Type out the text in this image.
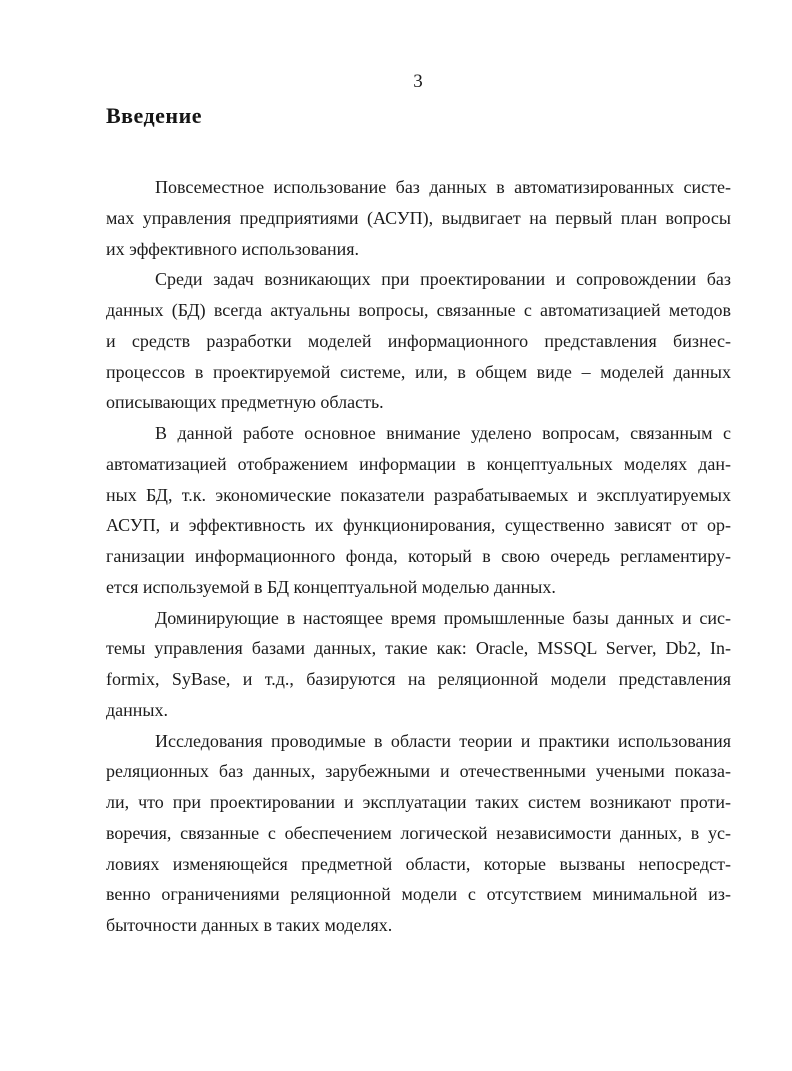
3
Введение
Повсеместное использование баз данных в автоматизированных систе-
мах управления предприятиями (АСУП), выдвигает на первый план вопросы
их эффективного использования.
Среди задач возникающих при проектировании и сопровождении баз
данных (БД) всегда актуальны вопросы, связанные с автоматизацией методов
и средств разработки моделей информационного представления бизнес-
процессов в проектируемой системе, или, в общем виде – моделей данных
описывающих предметную область.
В данной работе основное внимание уделено вопросам, связанным с
автоматизацией отображением информации в концептуальных моделях дан-
ных БД, т.к. экономические показатели разрабатываемых и эксплуатируемых
АСУП, и эффективность их функционирования, существенно зависят от ор-
ганизации информационного фонда, который в свою очередь регламентиру-
ется используемой в БД концептуальной моделью данных.
Доминирующие в настоящее время промышленные базы данных и сис-
темы управления базами данных, такие как: Oracle, MSSQL Server, Db2, In-
formix, SyBase, и т.д., базируются на реляционной модели представления
данных.
Исследования проводимые в области теории и практики использования
реляционных баз данных, зарубежными и отечественными учеными показа-
ли, что при проектировании и эксплуатации таких систем возникают проти-
воречия, связанные с обеспечением логической независимости данных, в ус-
ловиях изменяющейся предметной области, которые вызваны непосредст-
венно ограничениями реляционной модели с отсутствием минимальной из-
быточности данных в таких моделях.
